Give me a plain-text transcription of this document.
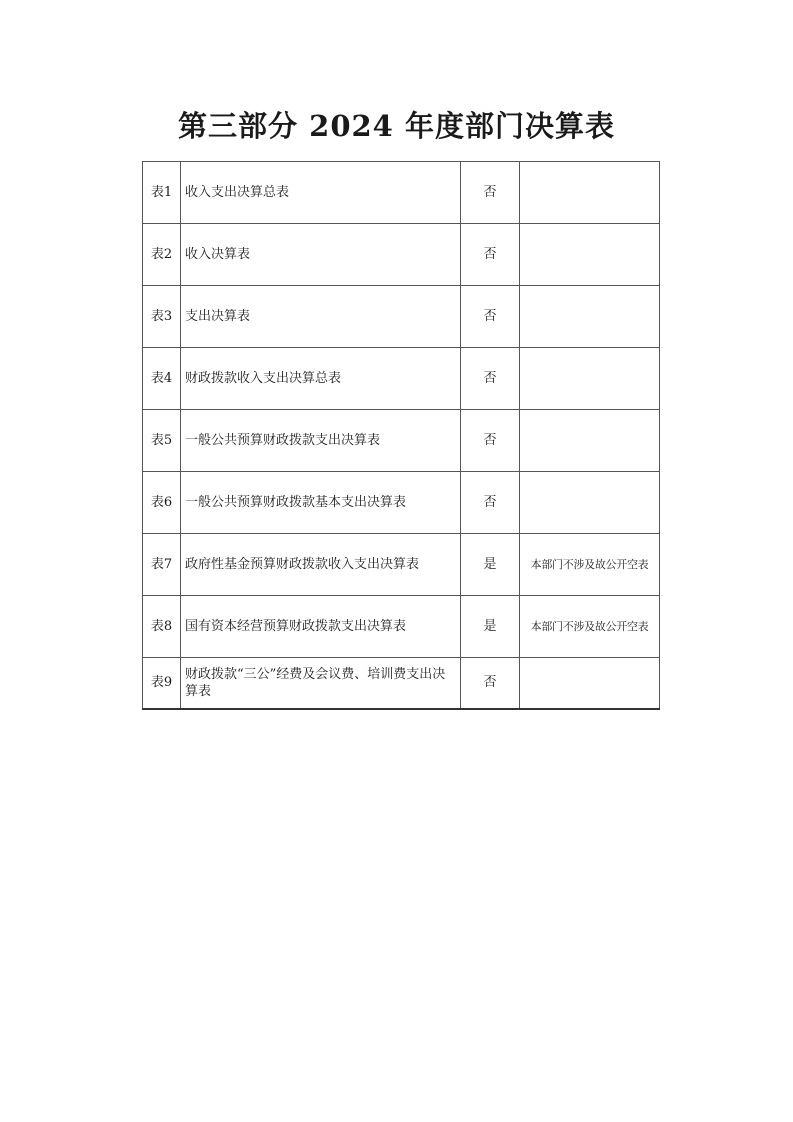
第三部分 2024 年度部门决算表
表1	收入支出决算总表	否	
表2	收入决算表	否	
表3	支出决算表	否	
表4	财政拨款收入支出决算总表	否	
表5	一般公共预算财政拨款支出决算表	否	
表6	一般公共预算财政拨款基本支出决算表	否	
表7	政府性基金预算财政拨款收入支出决算表	是	本部门不涉及故公开空表
表8	国有资本经营预算财政拨款支出决算表	是	本部门不涉及故公开空表
表9	财政拨款“三公”经费及会议费、培训费支出决算表	否	
